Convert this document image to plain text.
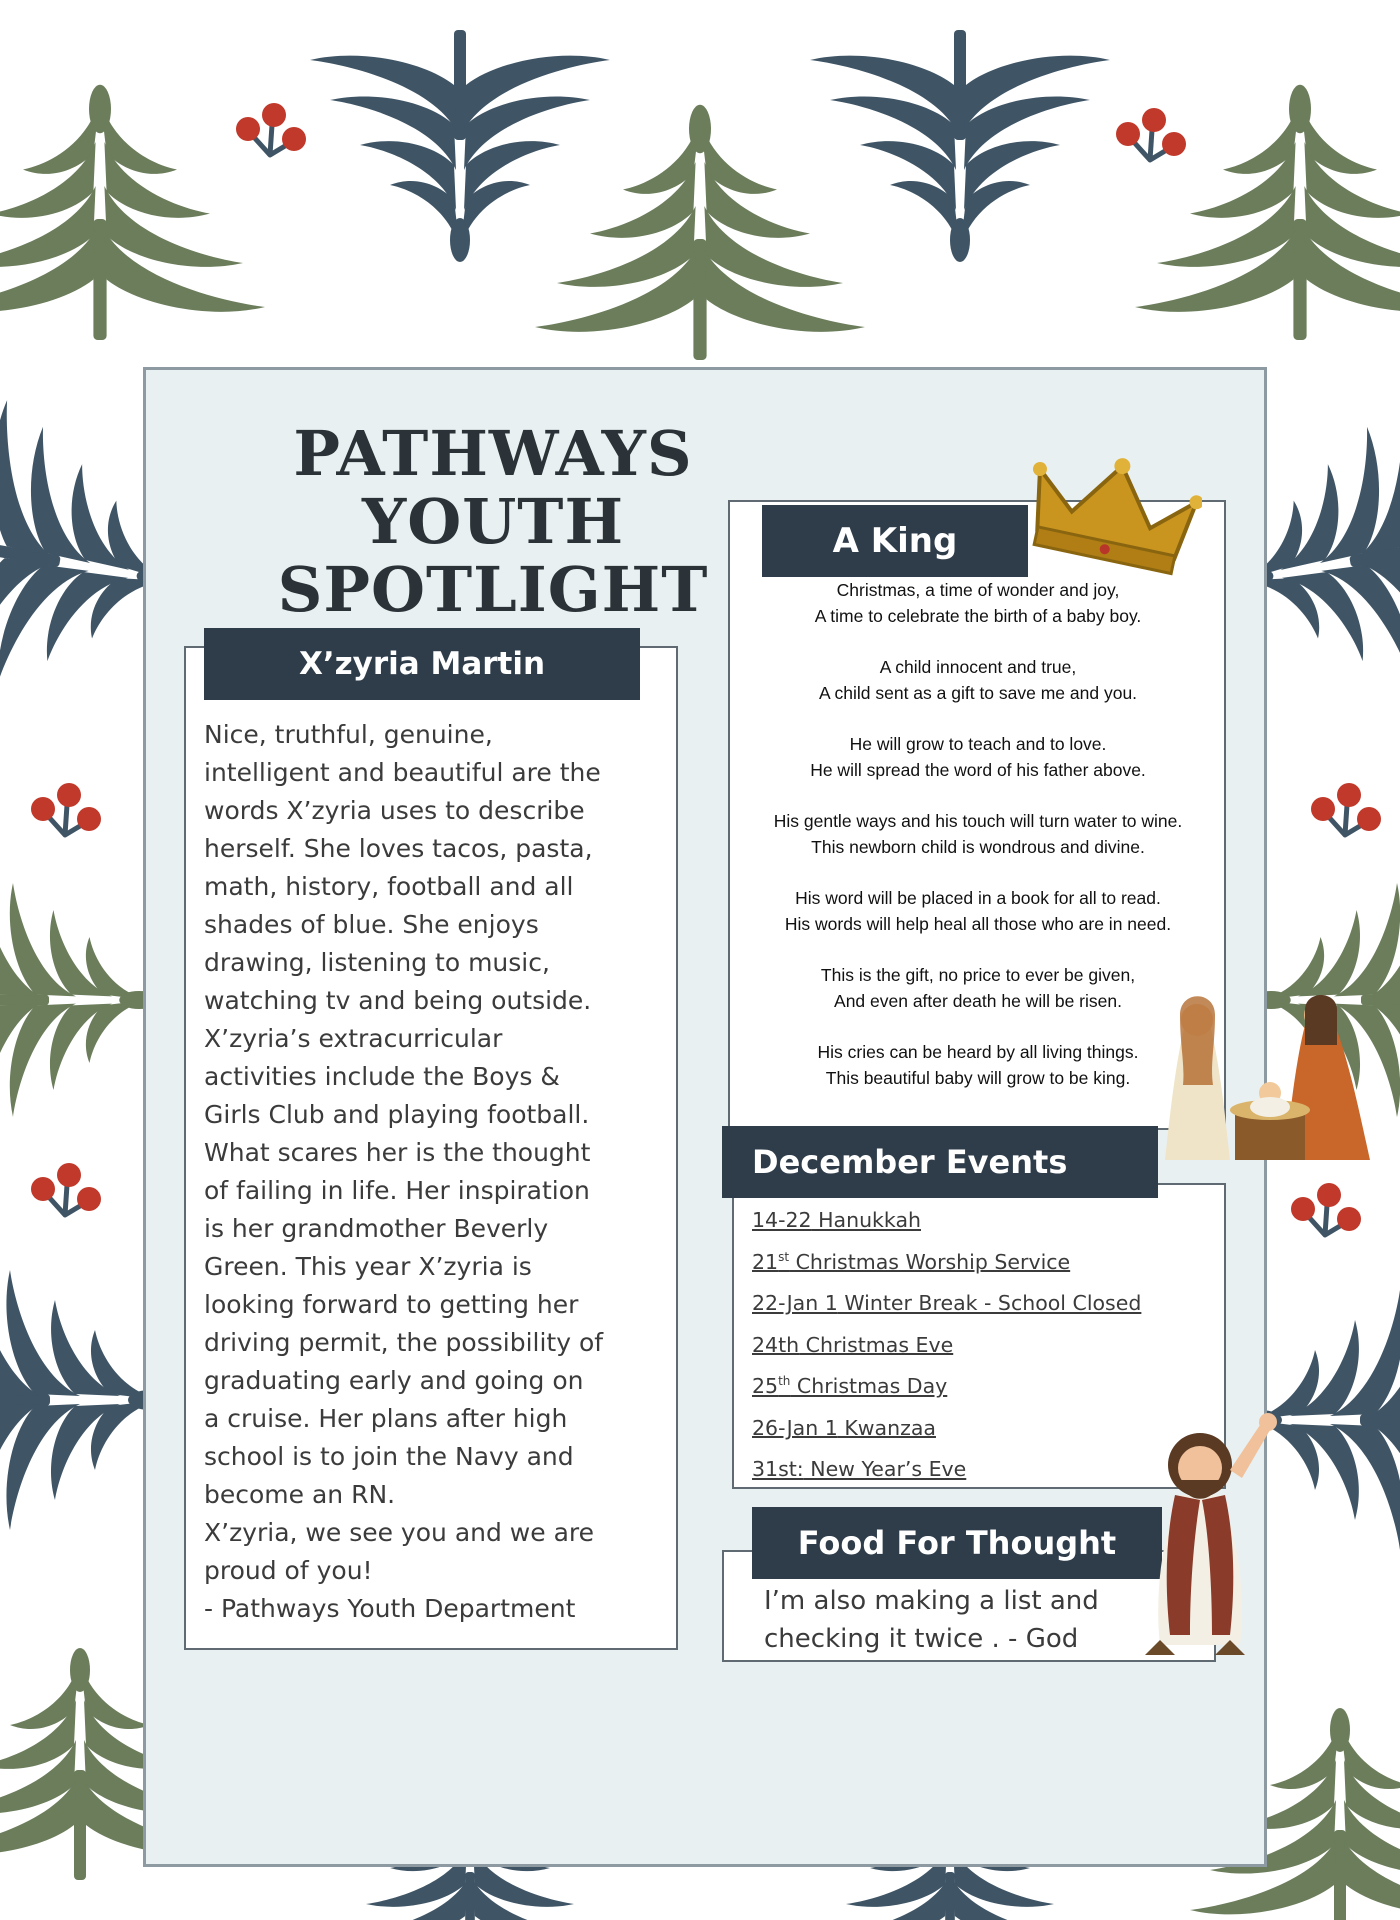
PATHWAYS YOUTH
SPOTLIGHT
X’zyria Martin
Nice, truthful, genuine,
intelligent and beautiful are the
words X’zyria uses to describe
herself. She loves tacos, pasta,
math, history, football and all
shades of blue. She enjoys
drawing, listening to music,
watching tv and being outside.
X’zyria’s extracurricular
activities include the Boys &
Girls Club and playing football.
What scares her is the thought
of failing in life. Her inspiration
is her grandmother Beverly
Green. This year X’zyria is
looking forward to getting her
driving permit, the possibility of
graduating early and going on
a cruise. Her plans after high
school is to join the Navy and
become an RN.
X’zyria, we see you and we are
proud of you!
- Pathways Youth Department
A King
Christmas, a time of wonder and joy,
A time to celebrate the birth of a baby boy.
A child innocent and true,
A child sent as a gift to save me and you.
He will grow to teach and to love.
He will spread the word of his father above.
His gentle ways and his touch will turn water to wine.
This newborn child is wondrous and divine.
His word will be placed in a book for all to read.
His words will help heal all those who are in need.
This is the gift, no price to ever be given,
And even after death he will be risen.
His cries can be heard by all living things.
This beautiful baby will grow to be king.
December Events
14-22 Hanukkah
21st Christmas Worship Service
22-Jan 1 Winter Break - School Closed
24th Christmas Eve
25th Christmas Day
26-Jan 1 Kwanzaa
31st: New Year’s Eve
Food For Thought
I’m also making a list and
checking it twice . - God
